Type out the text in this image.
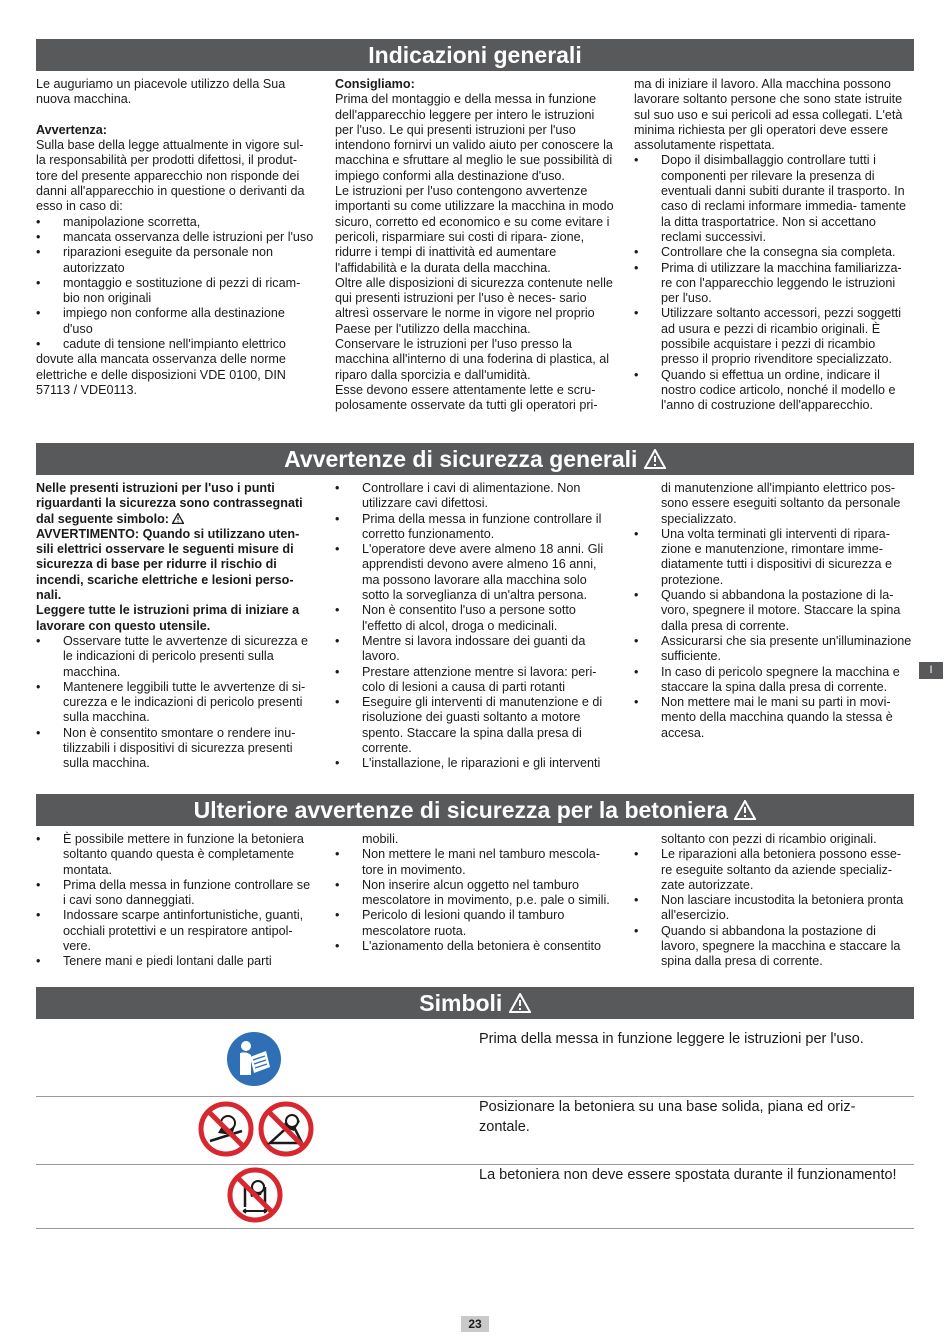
Indicazioni generali

Le auguriamo un piacevole utilizzo della Sua nuova macchina.

Avvertenza:

Sulla base della legge attualmente in vigore sul- la responsabilità per prodotti difettosi, il produt- tore del presente apparecchio non risponde dei danni all'apparecchio in questione o derivanti da esso in caso di:

• manipolazione scorretta,
• mancata osservanza delle istruzioni per l'uso
• riparazioni eseguite da personale non autorizzato
• montaggio e sostituzione di pezzi di ricam- bio non originali
• impiego non conforme alla destinazione d'uso
• cadute di tensione nell'impianto elettrico

dovute alla mancata osservanza delle norme elettriche e delle disposizioni VDE 0100, DIN 57113 / VDE0113.

Consigliamo:

Prima del montaggio e della messa in funzione dell'apparecchio leggere per intero le istruzioni per l'uso. Le qui presenti istruzioni per l'uso intendono fornirvi un valido aiuto per conoscere la macchina e sfruttare al meglio le sue possibilità di impiego conformi alla destinazione d'uso.

Le istruzioni per l'uso contengono avvertenze importanti su come utilizzare la macchina in modo sicuro, corretto ed economico e su come evitare i pericoli, risparmiare sui costi di ripara- zione, ridurre i tempi di inattività ed aumentare l'affidabilità e la durata della macchina.

Oltre alle disposizioni di sicurezza contenute nelle qui presenti istruzioni per l'uso è neces- sario altresì osservare le norme in vigore nel proprio Paese per l'utilizzo della macchina.

Conservare le istruzioni per l'uso presso la macchina all'interno di una foderina di plastica, al riparo dalla sporcizia e dall'umidità.

Esse devono essere attentamente lette e scru- polosamente osservate da tutti gli operatori pri-

ma di iniziare il lavoro. Alla macchina possono lavorare soltanto persone che sono state istruite sul suo uso e sui pericoli ad essa collegati. L'età minima richiesta per gli operatori deve essere assolutamente rispettata.

• Dopo il disimballaggio controllare tutti i componenti per rilevare la presenza di eventuali danni subiti durante il trasporto. In caso di reclami informare immedia- tamente la ditta trasportatrice. Non si accettano reclami successivi.
• Controllare che la consegna sia completa.
• Prima di utilizzare la macchina familiarizza- re con l'apparecchio leggendo le istruzioni per l'uso.
• Utilizzare soltanto accessori, pezzi soggetti ad usura e pezzi di ricambio originali. È possibile acquistare i pezzi di ricambio presso il proprio rivenditore specializzato.
• Quando si effettua un ordine, indicare il nostro codice articolo, nonché il modello e l'anno di costruzione dell'apparecchio.
Avvertenze di sicurezza generali

Nelle presenti istruzioni per l'uso i punti riguardanti la sicurezza sono contrassegnati dal seguente simbolo:

AVVERTIMENTO: Quando si utilizzano uten- sili elettrici osservare le seguenti misure di sicurezza di base per ridurre il rischio di incendi, scariche elettriche e lesioni perso- nali.

Leggere tutte le istruzioni prima di iniziare a lavorare con questo utensile.

• Osservare tutte le avvertenze di sicurezza e le indicazioni di pericolo presenti sulla macchina.
• Mantenere leggibili tutte le avvertenze di si- curezza e le indicazioni di pericolo presenti sulla macchina.
• Non è consentito smontare o rendere inu- tilizzabili i dispositivi di sicurezza presenti sulla macchina.
• Controllare i cavi di alimentazione. Non utilizzare cavi difettosi.
• Prima della messa in funzione controllare il corretto funzionamento.
• L'operatore deve avere almeno 18 anni. Gli apprendisti devono avere almeno 16 anni, ma possono lavorare alla macchina solo sotto la sorveglianza di un'altra persona.
• Non è consentito l'uso a persone sotto l'effetto di alcol, droga o medicinali.
• Mentre si lavora indossare dei guanti da lavoro.
• Prestare attenzione mentre si lavora: peri- colo di lesioni a causa di parti rotanti
• Eseguire gli interventi di manutenzione e di risoluzione dei guasti soltanto a motore spento. Staccare la spina dalla presa di corrente.
• L'installazione, le riparazioni e gli interventi
di manutenzione all'impianto elettrico pos- sono essere eseguiti soltanto da personale specializzato.
• Una volta terminati gli interventi di ripara- zione e manutenzione, rimontare imme- diatamente tutti i dispositivi di sicurezza e protezione.
• Quando si abbandona la postazione di la- voro, spegnere il motore. Staccare la spina dalla presa di corrente.
• Assicurarsi che sia presente un'illuminazione sufficiente.
• In caso di pericolo spegnere la macchina e staccare la spina dalla presa di corrente.
• Non mettere mai le mani su parti in movi- mento della macchina quando la stessa è accesa.
I
Ulteriore avvertenze di sicurezza per la betoniera
• È possibile mettere in funzione la betoniera soltanto quando questa è completamente montata.
• Prima della messa in funzione controllare se i cavi sono danneggiati.
• Indossare scarpe antinfortunistiche, guanti, occhiali protettivi e un respiratore antipol- vere.
• Tenere mani e piedi lontani dalle parti
mobili.
• Non mettere le mani nel tamburo mescola- tore in movimento.
• Non inserire alcun oggetto nel tamburo mescolatore in movimento, p.e. pale o simili.
• Pericolo di lesioni quando il tamburo mescolatore ruota.
• L'azionamento della betoniera è consentito
soltanto con pezzi di ricambio originali.
• Le riparazioni alla betoniera possono esse- re eseguite soltanto da aziende specializ- zate autorizzate.
• Non lasciare incustodita la betoniera pronta all'esercizio.
• Quando si abbandona la postazione di lavoro, spegnere la macchina e staccare la spina dalla presa di corrente.
Simboli
Prima della messa in funzione leggere le istruzioni per l'uso.
Posizionare la betoniera su una base solida, piana ed oriz- zontale.
La betoniera non deve essere spostata durante il funzionamento!
23
